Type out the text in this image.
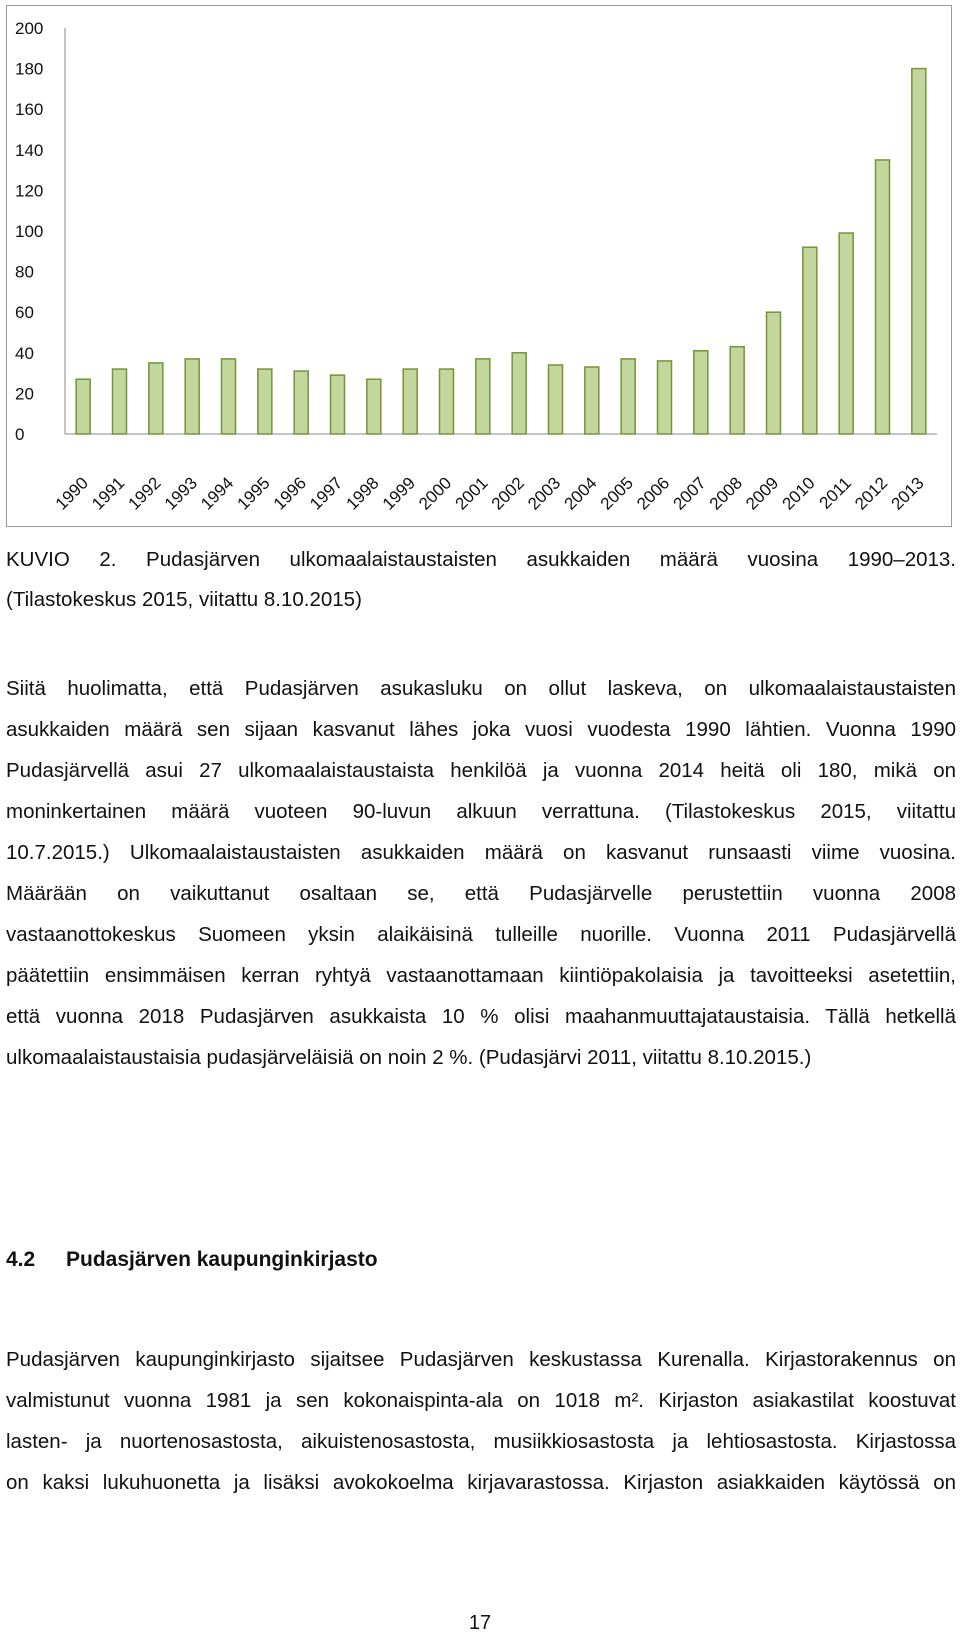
0
20
40
60
80
100
120
140
160
180
200
1990
1991
1992
1993
1994
1995
1996
1997
1998
1999
2000
2001
2002
2003
2004
2005
2006
2007
2008
2009
2010
2011
2012
2013
KUVIO 2. Pudasjärven ulkomaalaistaustaisten asukkaiden määrä vuosina 1990–2013.
(Tilastokeskus 2015, viitattu 8.10.2015)
Siitä huolimatta, että Pudasjärven asukasluku on ollut laskeva, on ulkomaalaistaustaisten
asukkaiden määrä sen sijaan kasvanut lähes joka vuosi vuodesta 1990 lähtien. Vuonna 1990
Pudasjärvellä asui 27 ulkomaalaistaustaista henkilöä ja vuonna 2014 heitä oli 180, mikä on
moninkertainen määrä vuoteen 90-luvun alkuun verrattuna. (Tilastokeskus 2015, viitattu
10.7.2015.) Ulkomaalaistaustaisten asukkaiden määrä on kasvanut runsaasti viime vuosina.
Määrään on vaikuttanut osaltaan se, että Pudasjärvelle perustettiin vuonna 2008
vastaanottokeskus Suomeen yksin alaikäisinä tulleille nuorille. Vuonna 2011 Pudasjärvellä
päätettiin ensimmäisen kerran ryhtyä vastaanottamaan kiintiöpakolaisia ja tavoitteeksi asetettiin,
että vuonna 2018 Pudasjärven asukkaista 10 % olisi maahanmuuttajataustaisia. Tällä hetkellä
ulkomaalaistaustaisia pudasjärveläisiä on noin 2 %. (Pudasjärvi 2011, viitattu 8.10.2015.)
4.2 Pudasjärven kaupunginkirjasto
Pudasjärven kaupunginkirjasto sijaitsee Pudasjärven keskustassa Kurenalla. Kirjastorakennus on
valmistunut vuonna 1981 ja sen kokonaispinta-ala on 1018 m². Kirjaston asiakastilat koostuvat
lasten- ja nuortenosastosta, aikuistenosastosta, musiikkiosastosta ja lehtiosastosta. Kirjastossa
on kaksi lukuhuonetta ja lisäksi avokokoelma kirjavarastossa. Kirjaston asiakkaiden käytössä on
17
